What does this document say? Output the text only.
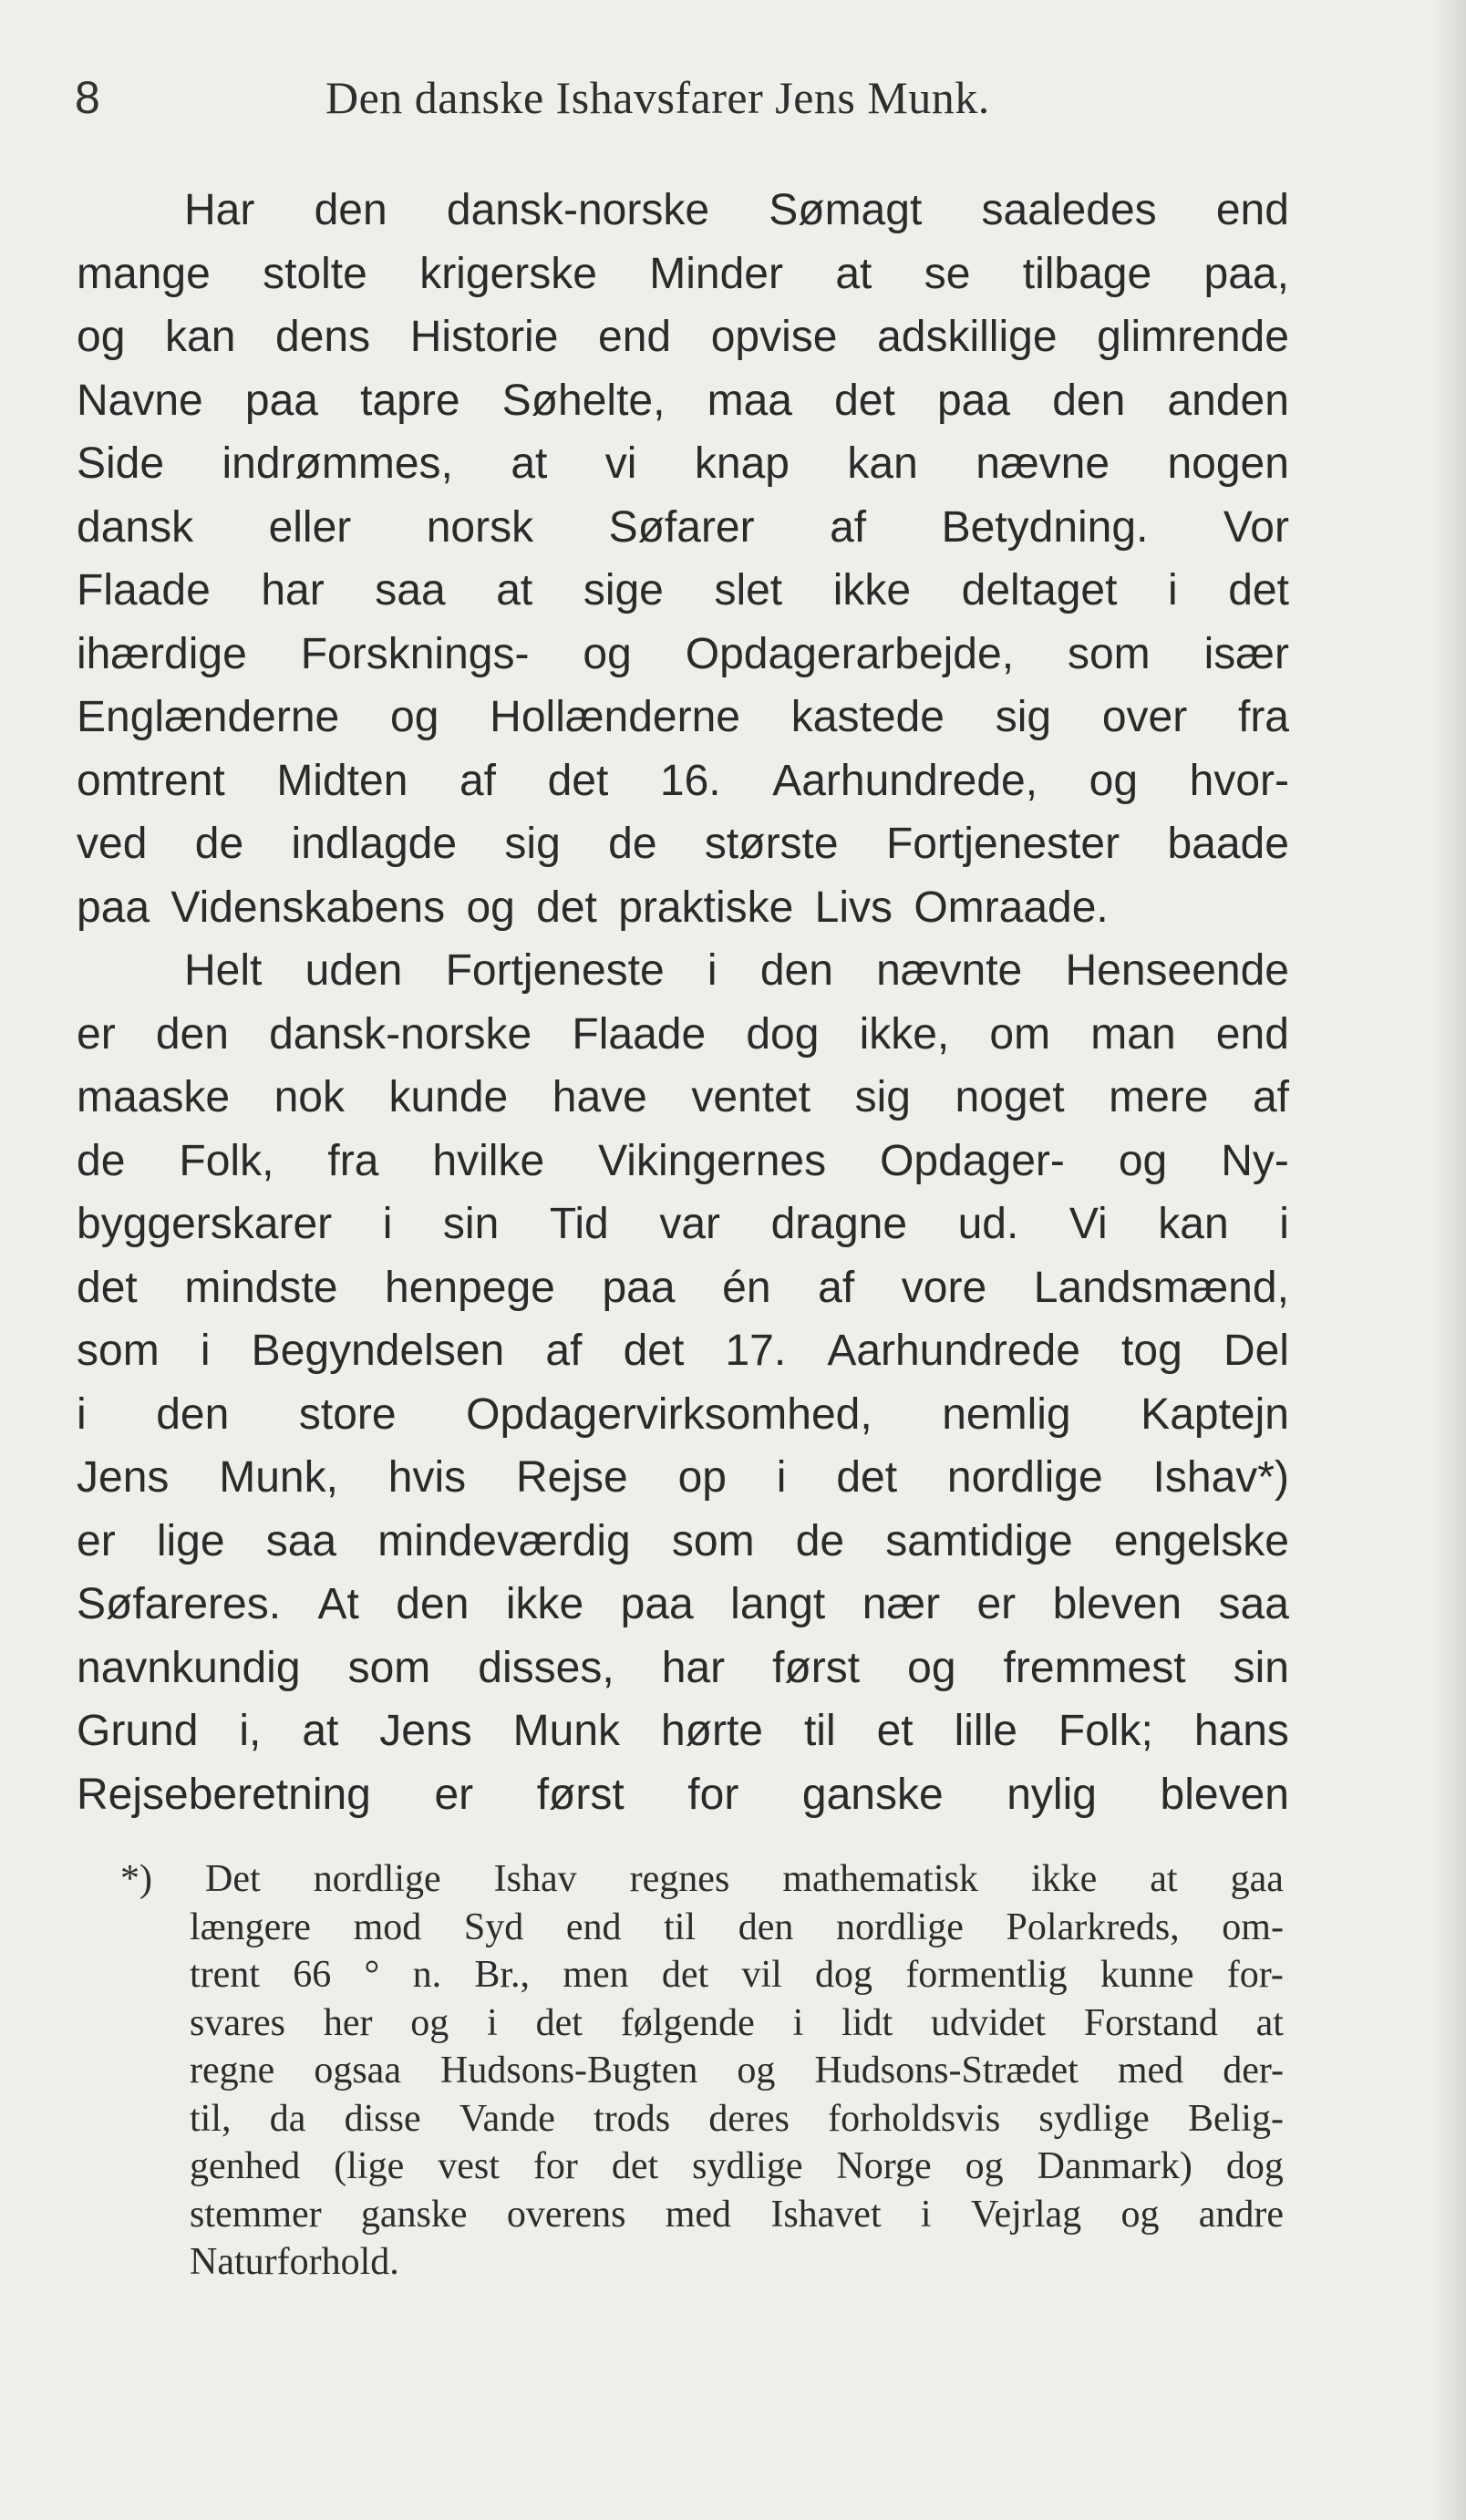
8	Den danske Ishavsfarer Jens Munk.
Har den dansk-norske Sømagt saaledes end
mange stolte krigerske Minder at se tilbage paa,
og kan dens Historie end opvise adskillige glimrende
Navne paa tapre Søhelte, maa det paa den anden
Side indrømmes, at vi knap kan nævne nogen
dansk eller norsk Søfarer af Betydning. Vor
Flaade har saa at sige slet ikke deltaget i det
ihærdige Forsknings- og Opdagerarbejde, som især
Englænderne og Hollænderne kastede sig over fra
omtrent Midten af det 16. Aarhundrede, og hvor-
ved de indlagde sig de største Fortjenester baade
paa Videnskabens og det praktiske Livs Omraade.
Helt uden Fortjeneste i den nævnte Henseende
er den dansk-norske Flaade dog ikke, om man end
maaske nok kunde have ventet sig noget mere af
de Folk, fra hvilke Vikingernes Opdager- og Ny-
byggerskarer i sin Tid var dragne ud. Vi kan i
det mindste henpege paa én af vore Landsmænd,
som i Begyndelsen af det 17. Aarhundrede tog Del
i den store Opdagervirksomhed, nemlig Kaptejn
Jens Munk, hvis Rejse op i det nordlige Ishav*)
er lige saa mindeværdig som de samtidige engelske
Søfareres. At den ikke paa langt nær er bleven saa
navnkundig som disses, har først og fremmest sin
Grund i, at Jens Munk hørte til et lille Folk; hans
Rejseberetning er først for ganske nylig bleven
*) Det nordlige Ishav regnes mathematisk ikke at gaa
længere mod Syd end til den nordlige Polarkreds, om-
trent 66 ° n. Br., men det vil dog formentlig kunne for-
svares her og i det følgende i lidt udvidet Forstand at
regne ogsaa Hudsons-Bugten og Hudsons-Strædet med der-
til, da disse Vande trods deres forholdsvis sydlige Belig-
genhed (lige vest for det sydlige Norge og Danmark) dog
stemmer ganske overens med Ishavet i Vejrlag og andre
Naturforhold.
